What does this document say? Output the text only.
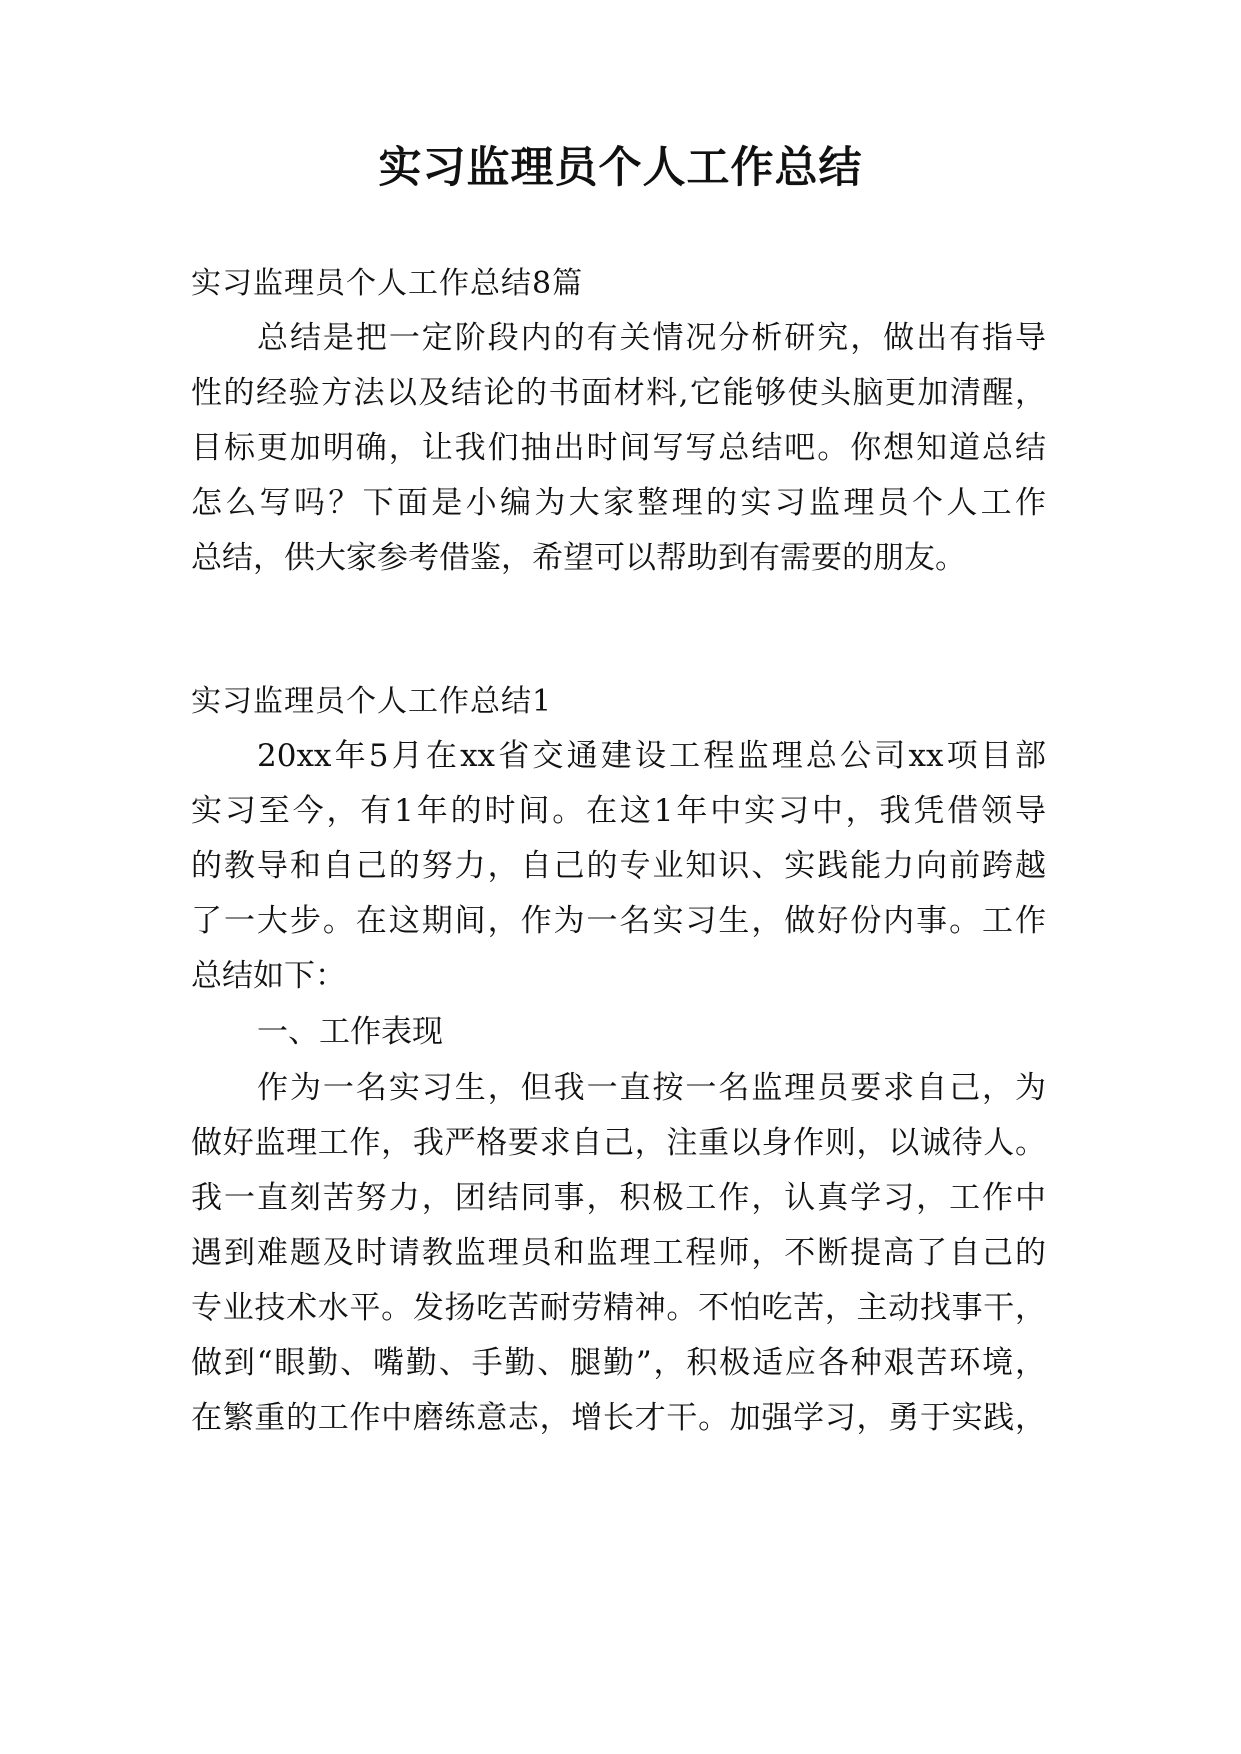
实习监理员个人工作总结
实习监理员个人工作总结8篇
总结是把一定阶段内的有关情况分析研究，做出有指导
性的经验方法以及结论的书面材料,它能够使头脑更加清醒，
目标更加明确，让我们抽出时间写写总结吧。你想知道总结
怎么写吗？下面是小编为大家整理的实习监理员个人工作
总结，供大家参考借鉴，希望可以帮助到有需要的朋友。
实习监理员个人工作总结1
20xx年5月在xx省交通建设工程监理总公司xx项目部
实习至今，有1年的时间。在这1年中实习中，我凭借领导
的教导和自己的努力，自己的专业知识、实践能力向前跨越
了一大步。在这期间，作为一名实习生，做好份内事。工作
总结如下：
一、工作表现
作为一名实习生，但我一直按一名监理员要求自己，为
做好监理工作，我严格要求自己，注重以身作则，以诚待人。
我一直刻苦努力，团结同事，积极工作，认真学习，工作中
遇到难题及时请教监理员和监理工程师，不断提高了自己的
专业技术水平。发扬吃苦耐劳精神。不怕吃苦，主动找事干，
做到“眼勤、嘴勤、手勤、腿勤”，积极适应各种艰苦环境，
在繁重的工作中磨练意志，增长才干。加强学习，勇于实践，
